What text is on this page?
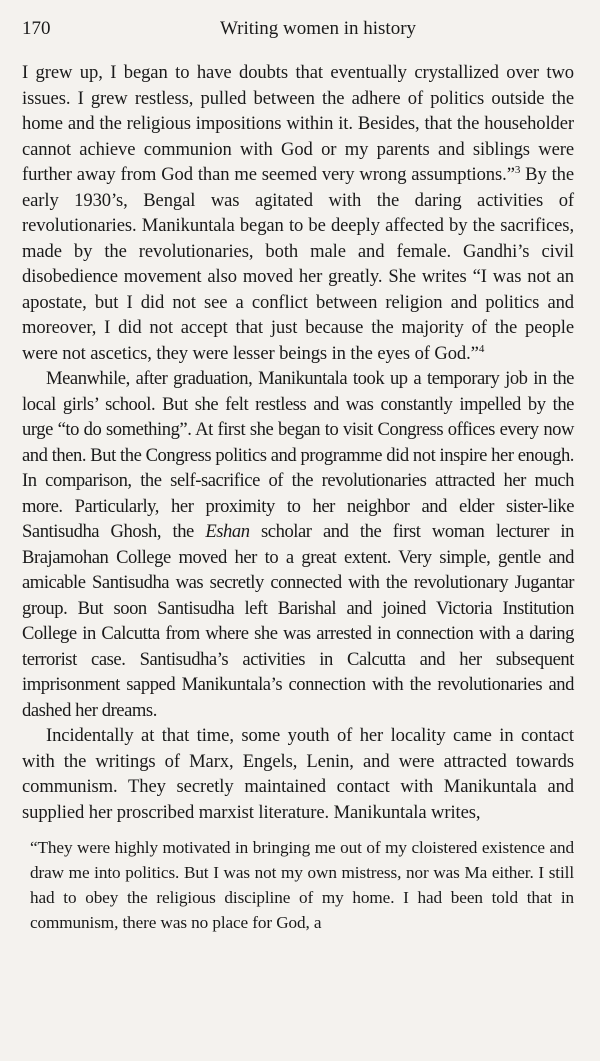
170	Writing women in history

I grew up, I began to have doubts that eventually crystallized over two issues. I grew restless, pulled between the adhere of politics outside the home and the religious impositions within it. Besides, that the householder cannot achieve communion with God or my parents and siblings were further away from God than me seemed very wrong assumptions.”$^3$ By the early 1930’s, Bengal was agitated with the daring activities of revolutionaries. Manikuntala began to be deeply affected by the sacrifices, made by the revolutionaries, both male and female. Gandhi’s civil disobedience movement also moved her greatly. She writes “I was not an apostate, but I did not see a conflict between religion and politics and moreover, I did not accept that just because the majority of the people were not ascetics, they were lesser beings in the eyes of God.”$^4$

Meanwhile, after graduation, Manikuntala took up a temporary job in the local girls’ school. But she felt restless and was constantly impelled by the urge “to do something”. At first she began to visit Congress offices every now and then. But the Congress politics and programme did not inspire her enough. In comparison, the self-sacrifice of the revolutionaries attracted her much more. Particularly, her proximity to her neighbor and elder sister-like Santisudha Ghosh, the Eshan scholar and the first woman lecturer in Brajamohan College moved her to a great extent. Very simple, gentle and amicable Santisudha was secretly connected with the revolutionary Jugantar group. But soon Santisudha left Barishal and joined Victoria Institution College in Calcutta from where she was arrested in connection with a daring terrorist case. Santisudha’s activities in Calcutta and her subsequent imprisonment sapped Manikuntala’s connection with the revolutionaries and dashed her dreams.

Incidentally at that time, some youth of her locality came in contact with the writings of Marx, Engels, Lenin, and were attracted towards communism. They secretly maintained contact with Manikuntala and supplied her proscribed marxist literature. Manikuntala writes,

“They were highly motivated in bringing me out of my cloistered existence and draw me into politics. But I was not my own mistress, nor was Ma either. I still had to obey the religious discipline of my home. I had been told that in communism, there was no place for God, a
